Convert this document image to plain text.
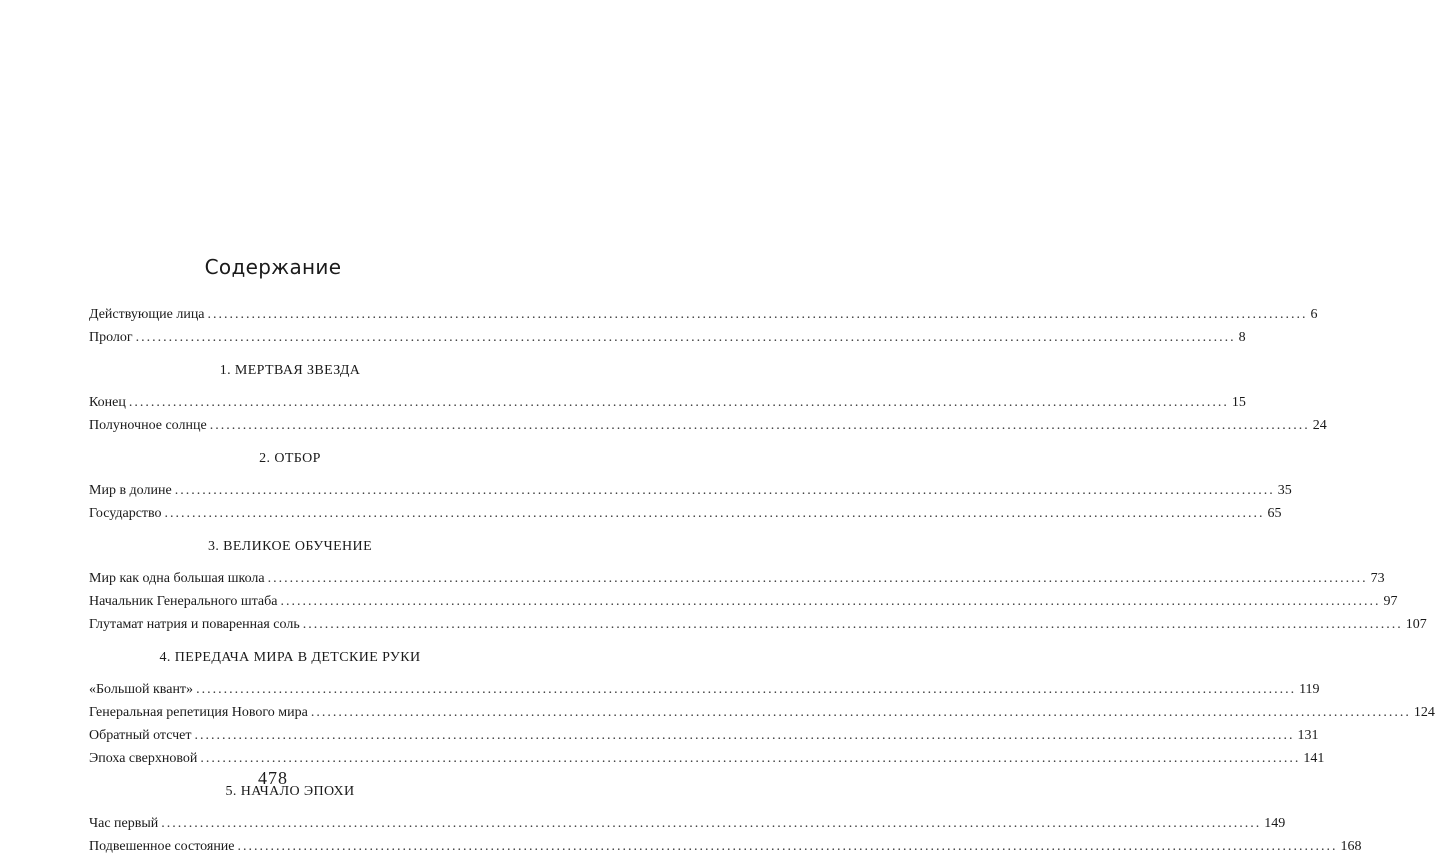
Содержание
Действующие лица ........................................................................................................................................................................................................ 6
Пролог ........................................................................................................................................................................................................ 8
1. МЕРТВАЯ ЗВЕЗДА
Конец ........................................................................................................................................................................................................ 15
Полуночное солнце ........................................................................................................................................................................................................ 24
2. ОТБОР
Мир в долине ........................................................................................................................................................................................................ 35
Государство ........................................................................................................................................................................................................ 65
3. ВЕЛИКОЕ ОБУЧЕНИЕ
Мир как одна большая школа ........................................................................................................................................................................................................ 73
Начальник Генерального штаба ........................................................................................................................................................................................................ 97
Глутамат натрия и поваренная соль ........................................................................................................................................................................................................ 107
4. ПЕРЕДАЧА МИРА В ДЕТСКИЕ РУКИ
«Большой квант» ........................................................................................................................................................................................................ 119
Генеральная репетиция Нового мира ........................................................................................................................................................................................................ 124
Обратный отсчет ........................................................................................................................................................................................................ 131
Эпоха сверхновой ........................................................................................................................................................................................................ 141
5. НАЧАЛО ЭПОХИ
Час первый ........................................................................................................................................................................................................ 149
Подвешенное состояние ........................................................................................................................................................................................................ 168
478
